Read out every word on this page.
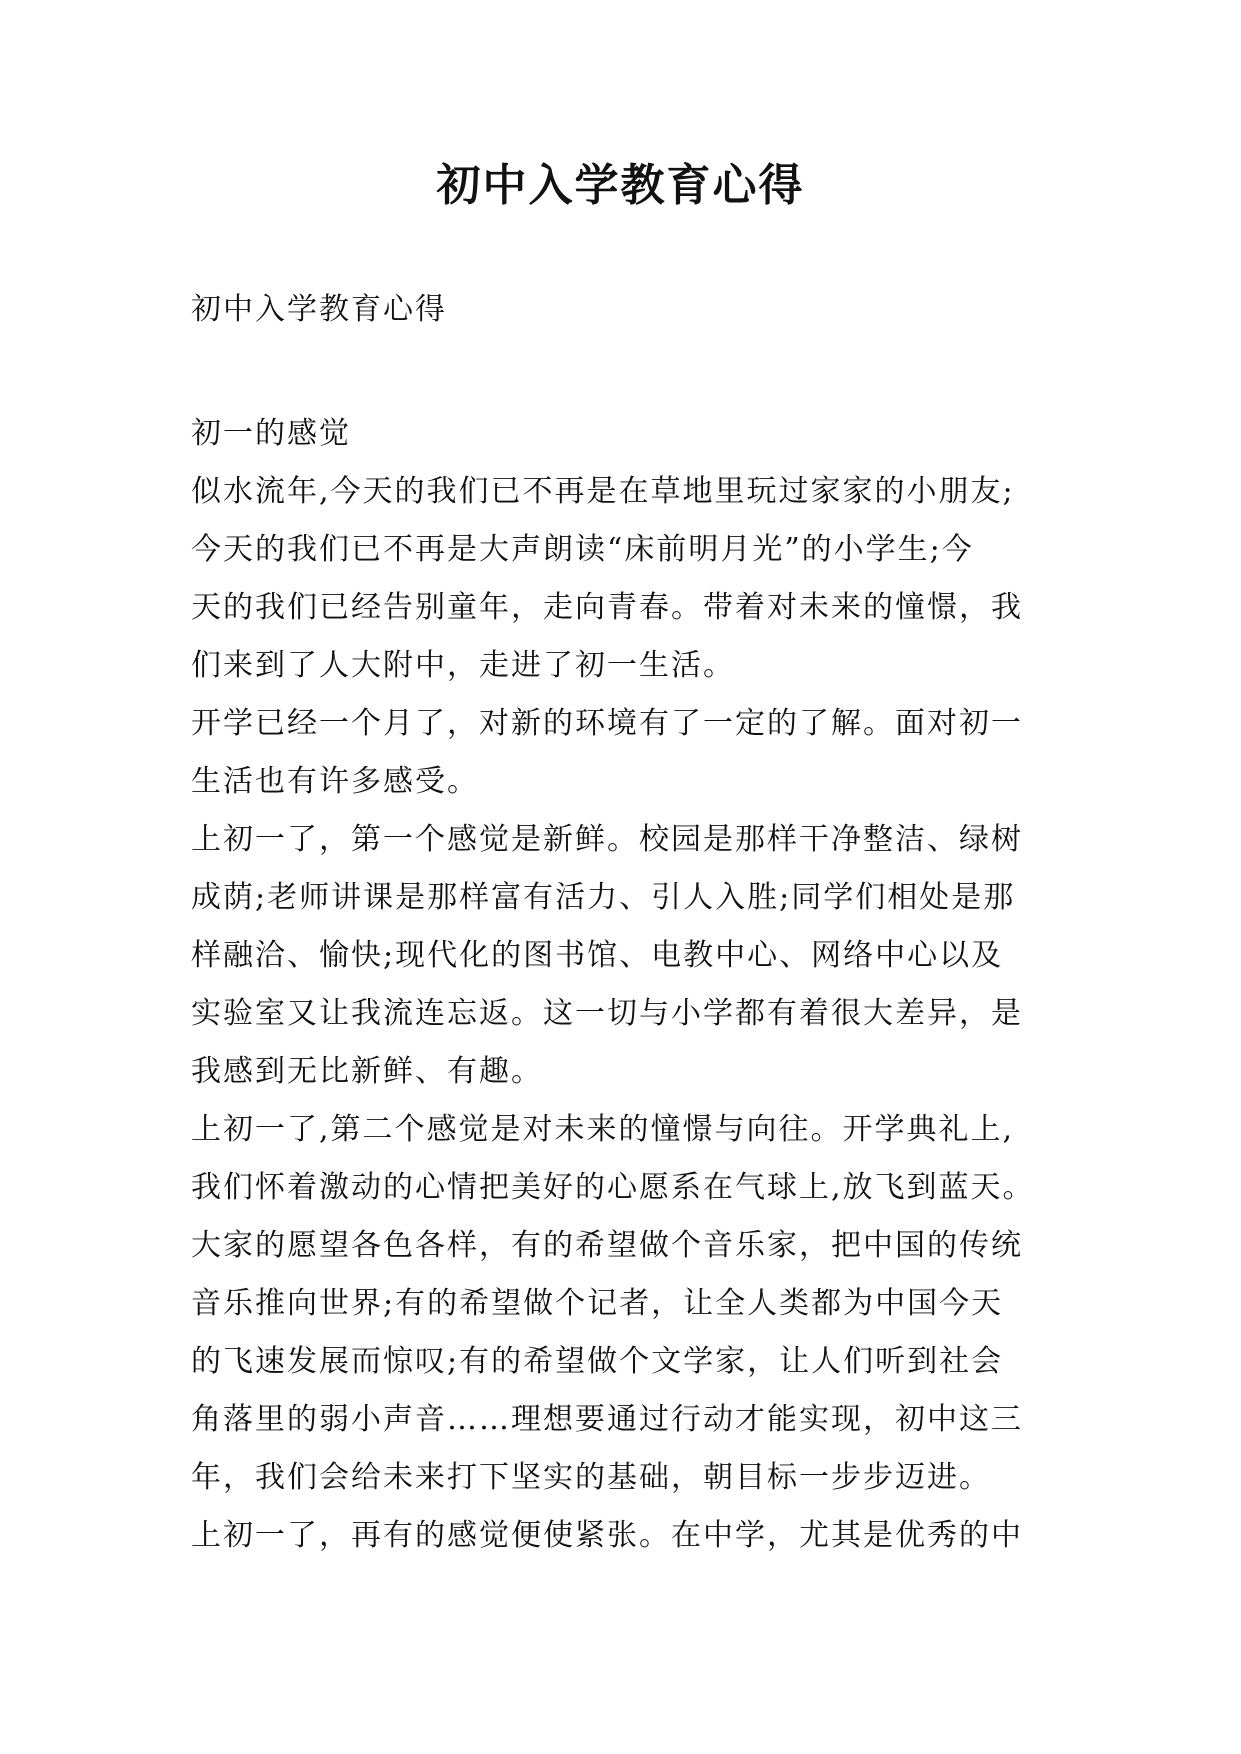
初中入学教育心得

初中入学教育心得

初一的感觉

似水流年,今天的我们已不再是在草地里玩过家家的小朋友;
今天的我们已不再是大声朗读“床前明月光”的小学生;今
天的我们已经告别童年，走向青春。带着对未来的憧憬，我
们来到了人大附中，走进了初一生活。

开学已经一个月了，对新的环境有了一定的了解。面对初一
生活也有许多感受。

上初一了，第一个感觉是新鲜。校园是那样干净整洁、绿树
成荫;老师讲课是那样富有活力、引人入胜;同学们相处是那
样融洽、愉快;现代化的图书馆、电教中心、网络中心以及
实验室又让我流连忘返。这一切与小学都有着很大差异，是
我感到无比新鲜、有趣。

上初一了,第二个感觉是对未来的憧憬与向往。开学典礼上,
我们怀着激动的心情把美好的心愿系在气球上,放飞到蓝天。
大家的愿望各色各样，有的希望做个音乐家，把中国的传统
音乐推向世界;有的希望做个记者，让全人类都为中国今天
的飞速发展而惊叹;有的希望做个文学家，让人们听到社会
角落里的弱小声音……理想要通过行动才能实现，初中这三
年，我们会给未来打下坚实的基础，朝目标一步步迈进。

上初一了，再有的感觉便使紧张。在中学，尤其是优秀的中
